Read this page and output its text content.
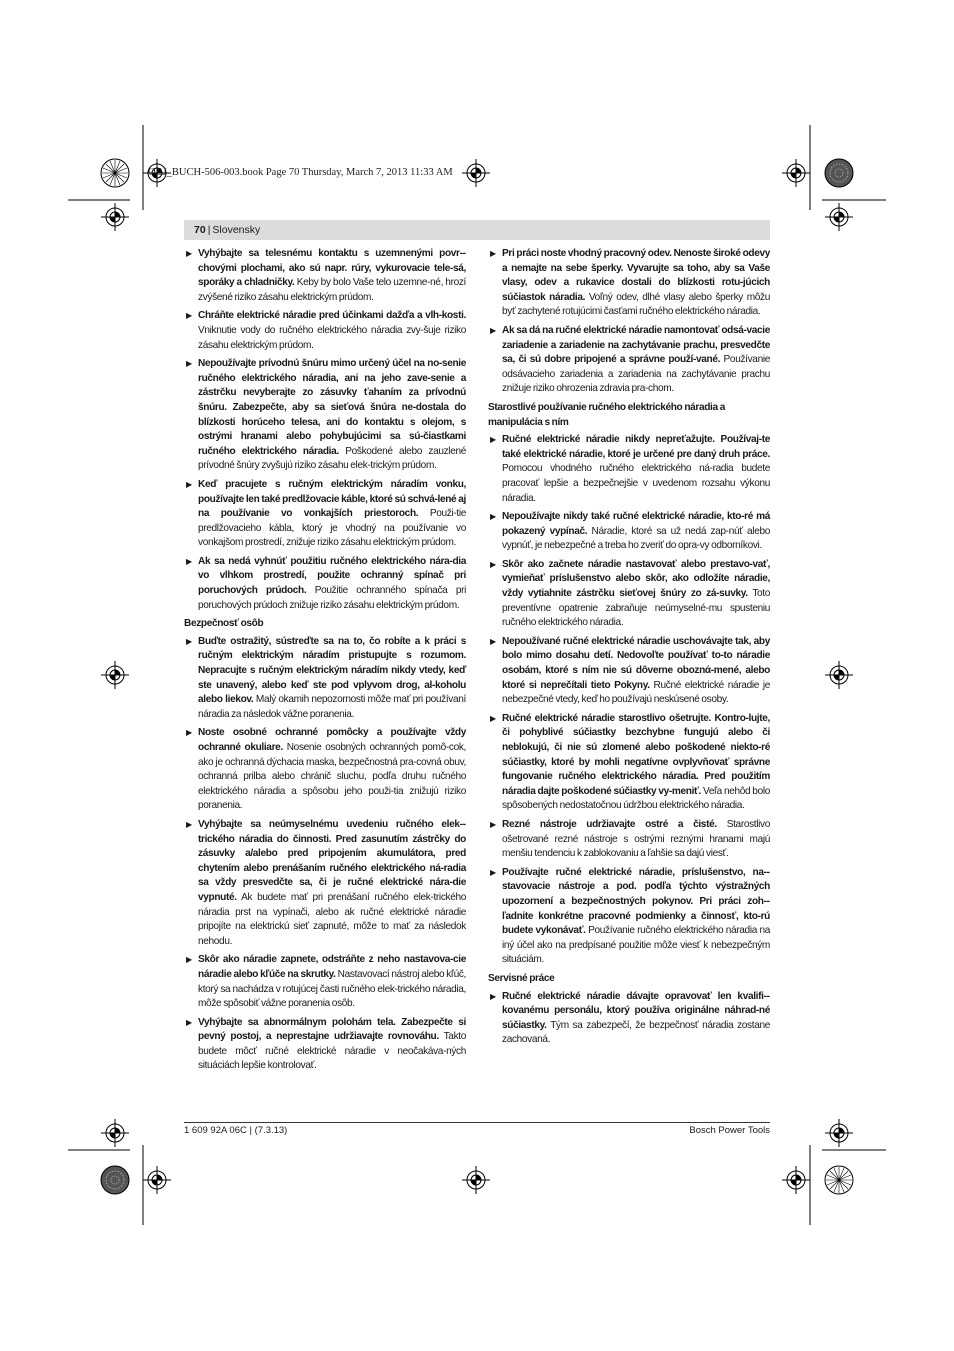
OBJ_BUCH-506-003.book Page 70 Thursday, March 7, 2013 11:33 AM
70 | Slovensky
▶ Vyhýbajte sa telesnému kontaktu s uzemnenými povr-chovými plochami, ako sú napr. rúry, vykurovacie tele-sá, sporáky a chladničky. Keby by bolo Vaše telo uzemne-né, hrozí zvýšené riziko zásahu elektrickým prúdom.
▶ Chráňte elektrické náradie pred účinkami dažďa a vlh-kosti. Vniknutie vody do ručného elektrického náradia zvy-šuje riziko zásahu elektrickým prúdom.
▶ Nepoužívajte prívodnú šnúru mimo určený účel na no-senie ručného elektrického náradia, ani na jeho zave-senie a zástrčku nevyberajte zo zásuvky ťahaním za prívodnú šnúru. Zabezpečte, aby sa sieťová šnúra ne-dostala do blízkosti horúceho telesa, ani do kontaktu s olejom, s ostrými hranami alebo pohybujúcimi sa sú-čiastkami ručného elektrického náradia. Poškodené alebo zauzlené prívodné šnúry zvyšujú riziko zásahu elek-trickým prúdom.
▶ Keď pracujete s ručným elektrickým náradím vonku, používajte len také predlžovacie káble, ktoré sú schvá-lené aj na používanie vo vonkajších priestoroch. Použi-tie predlžovacieho kábla, ktorý je vhodný na používanie vo vonkajšom prostredí, znižuje riziko zásahu elektrickým prúdom.
▶ Ak sa nedá vyhnúť použitiu ručného elektrického nára-dia vo vlhkom prostredí, použite ochranný spínač pri poruchových prúdoch. Použitie ochranného spínača pri poruchových prúdoch znižuje riziko zásahu elektrickým prúdom.
Bezpečnosť osôb
▶ Buďte ostražitý, sústreďte sa na to, čo robíte a k práci s ručným elektrickým náradím pristupujte s rozumom. Nepracujte s ručným elektrickým náradím nikdy vtedy, keď ste unavený, alebo keď ste pod vplyvom drog, al-koholu alebo liekov. Malý okamih nepozornosti môže mať pri používaní náradia za následok vážne poranenia.
▶ Noste osobné ochranné pomôcky a používajte vždy ochranné okuliare. Nosenie osobných ochranných pomô-cok, ako je ochranná dýchacia maska, bezpečnostná pra-covná obuv, ochranná prilba alebo chránič sluchu, podľa druhu ručného elektrického náradia a spôsobu jeho použi-tia znižujú riziko poranenia.
▶ Vyhýbajte sa neúmyselnému uvedeniu ručného elek-trického náradia do činnosti. Pred zasunutím zástrčky do zásuvky a/alebo pred pripojením akumulátora, pred chytením alebo prenášaním ručného elektrického ná-radia sa vždy presvedčte sa, či je ručné elektrické nára-die vypnuté. Ak budete mať pri prenášaní ručného elek-trického náradia prst na vypínači, alebo ak ručné elektrické náradie pripojíte na elektrickú sieť zapnuté, môže to mať za následok nehodu.
▶ Skôr ako náradie zapnete, odstráňte z neho nastavova-cie náradie alebo kľúče na skrutky. Nastavovací nástroj alebo kľúč, ktorý sa nachádza v rotujúcej časti ručného elek-trického náradia, môže spôsobiť vážne poranenia osôb.
▶ Vyhýbajte sa abnormálnym polohám tela. Zabezpečte si pevný postoj, a neprestajne udržiavajte rovnováhu. Takto budete môcť ručné elektrické náradie v neočakáva-ných situáciách lepšie kontrolovať.
▶ Pri práci noste vhodný pracovný odev. Nenoste široké odevy a nemajte na sebe šperky. Vyvarujte sa toho, aby sa Vaše vlasy, odev a rukavice dostali do blízkosti rotu-júcich súčiastok náradia. Voľný odev, dlhé vlasy alebo šperky môžu byť zachytené rotujúcimi časťami ručného elektrického náradia.
▶ Ak sa dá na ručné elektrické náradie namontovať odsá-vacie zariadenie a zariadenie na zachytávanie prachu, presvedčte sa, či sú dobre pripojené a správne použí-vané. Používanie odsávacieho zariadenia a zariadenia na zachytávanie prachu znižuje riziko ohrozenia zdravia pra-chom.
Starostlivé používanie ručného elektrického náradia a manipulácia s ním
▶ Ručné elektrické náradie nikdy nepreťažujte. Používaj-te také elektrické náradie, ktoré je určené pre daný druh práce. Pomocou vhodného ručného elektrického ná-radia budete pracovať lepšie a bezpečnejšie v uvedenom rozsahu výkonu náradia.
▶ Nepoužívajte nikdy také ručné elektrické náradie, kto-ré má pokazený vypínač. Náradie, ktoré sa už nedá zap-núť alebo vypnúť, je nebezpečné a treba ho zveriť do opra-vy odborníkovi.
▶ Skôr ako začnete náradie nastavovať alebo prestavo-vať, vymieňať príslušenstvo alebo skôr, ako odložíte náradie, vždy vytiahnite zástrčku sieťovej šnúry zo zá-suvky. Toto preventívne opatrenie zabraňuje neúmyselné-mu spusteniu ručného elektrického náradia.
▶ Nepoužívané ručné elektrické náradie uschovávajte tak, aby bolo mimo dosahu detí. Nedovoľte používať to-to náradie osobám, ktoré s ním nie sú dôverne oboznά-mené, alebo ktoré si neprečítali tieto Pokyny. Ručné elektrické náradie je nebezpečné vtedy, keď ho používajú neskúsené osoby.
▶ Ručné elektrické náradie starostlivo ošetrujte. Kontro-lujte, či pohyblivé súčiastky bezchybne fungujú alebo či neblokujú, či nie sú zlomené alebo poškodené niekto-ré súčiastky, ktoré by mohli negatívne ovplyvňovať správne fungovanie ručného elektrického náradia. Pred použitím náradia dajte poškodené súčiastky vy-meniť. Veľa nehôd bolo spôsobených nedostatočnou údržbou elektrického náradia.
▶ Rezné nástroje udržiavajte ostré a čisté. Starostlivo ošetrované rezné nástroje s ostrými reznými hranami majú menšiu tendenciu k zablokovaniu a ľahšie sa dajú viesť.
▶ Používajte ručné elektrické náradie, príslušenstvo, na-stavovacie nástroje a pod. podľa týchto výstražných upozornení a bezpečnostných pokynov. Pri práci zoh-ľadnite konkrétne pracovné podmienky a činnosť, kto-rú budete vykonávať. Používanie ručného elektrického náradia na iný účel ako na predpísané použitie môže viesť k nebezpečným situáciám.
Servisné práce
▶ Ručné elektrické náradie dávajte opravovať len kvalifi-kovanému personálu, ktorý používa originálne náhrad-né súčiastky. Tým sa zabezpečí, že bezpečnosť náradia zostane zachovaná.
1 609 92A 06C | (7.3.13)	Bosch Power Tools
